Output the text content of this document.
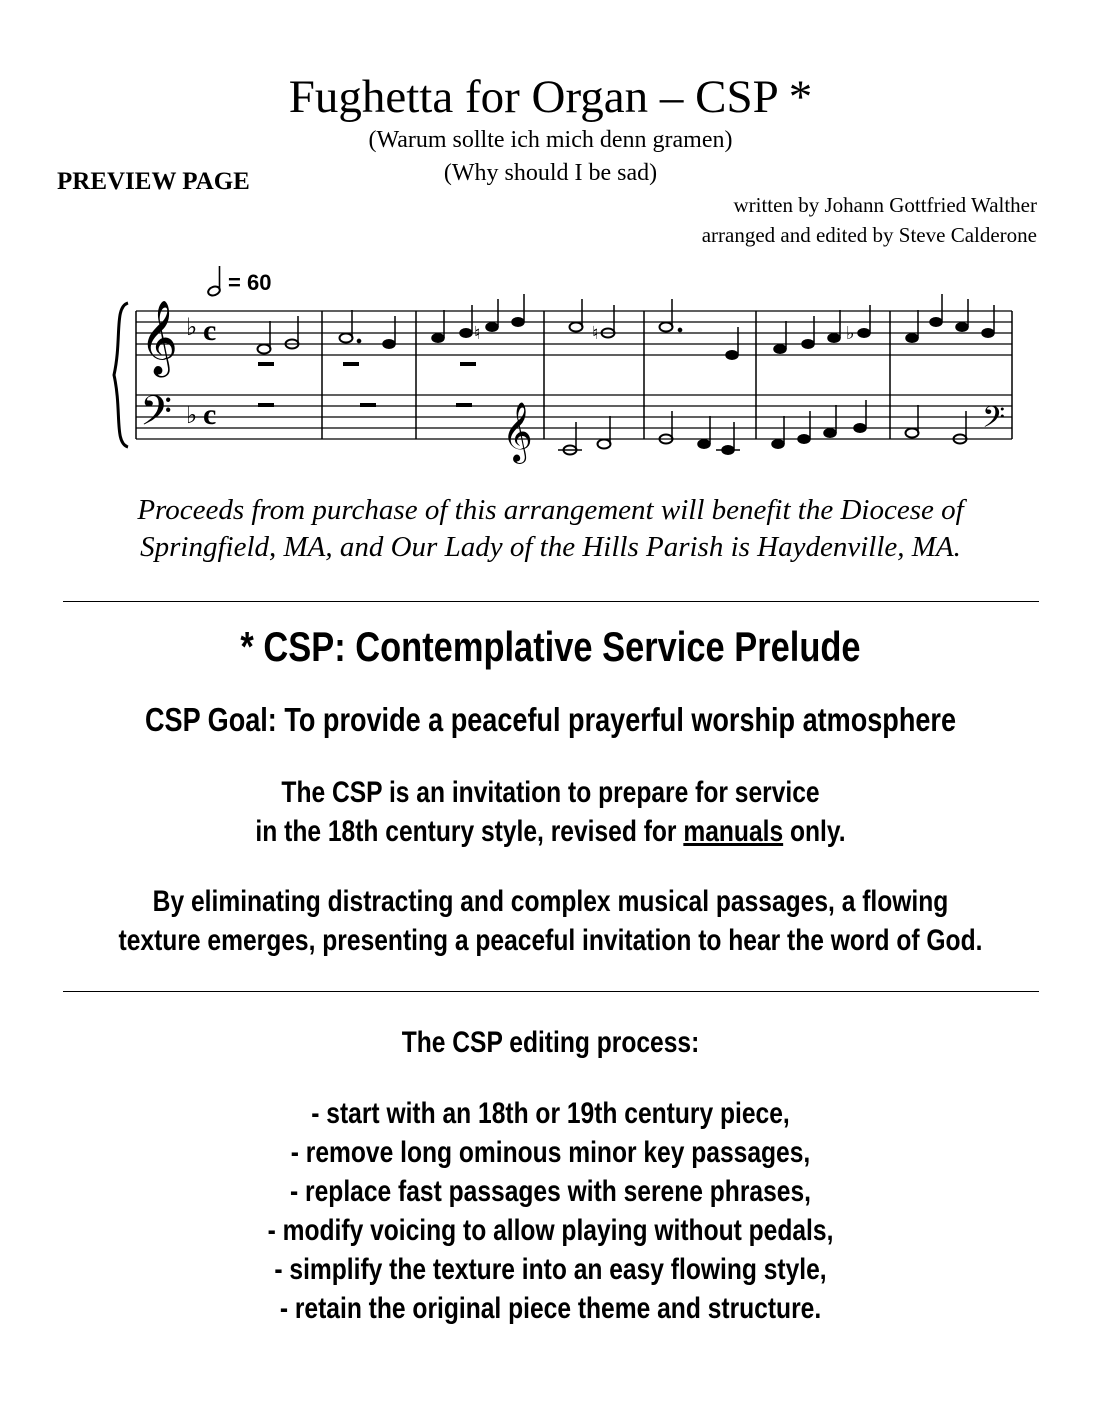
Fughetta for Organ – CSP *
(Warum sollte ich mich denn gramen)
(Why should I be sad)
PREVIEW PAGE
written by Johann Gottfried Walther
arranged and edited by Steve Calderone
= 60
𝄞
𝄢
♭
♭
c
c	𝄞	𝄢
♮	♮	♭
Proceeds from purchase of this arrangement will benefit the Diocese of
Springfield, MA, and Our Lady of the Hills Parish is Haydenville, MA.
* CSP: Contemplative Service Prelude
CSP Goal: To provide a peaceful prayerful worship atmosphere
The CSP is an invitation to prepare for service
in the 18th century style, revised for manuals only.
By eliminating distracting and complex musical passages, a flowing
texture emerges, presenting a peaceful invitation to hear the word of God.
The CSP editing process:
- start with an 18th or 19th century piece,
- remove long ominous minor key passages,
- replace fast passages with serene phrases,
- modify voicing to allow playing without pedals,
- simplify the texture into an easy flowing style,
- retain the original piece theme and structure.
